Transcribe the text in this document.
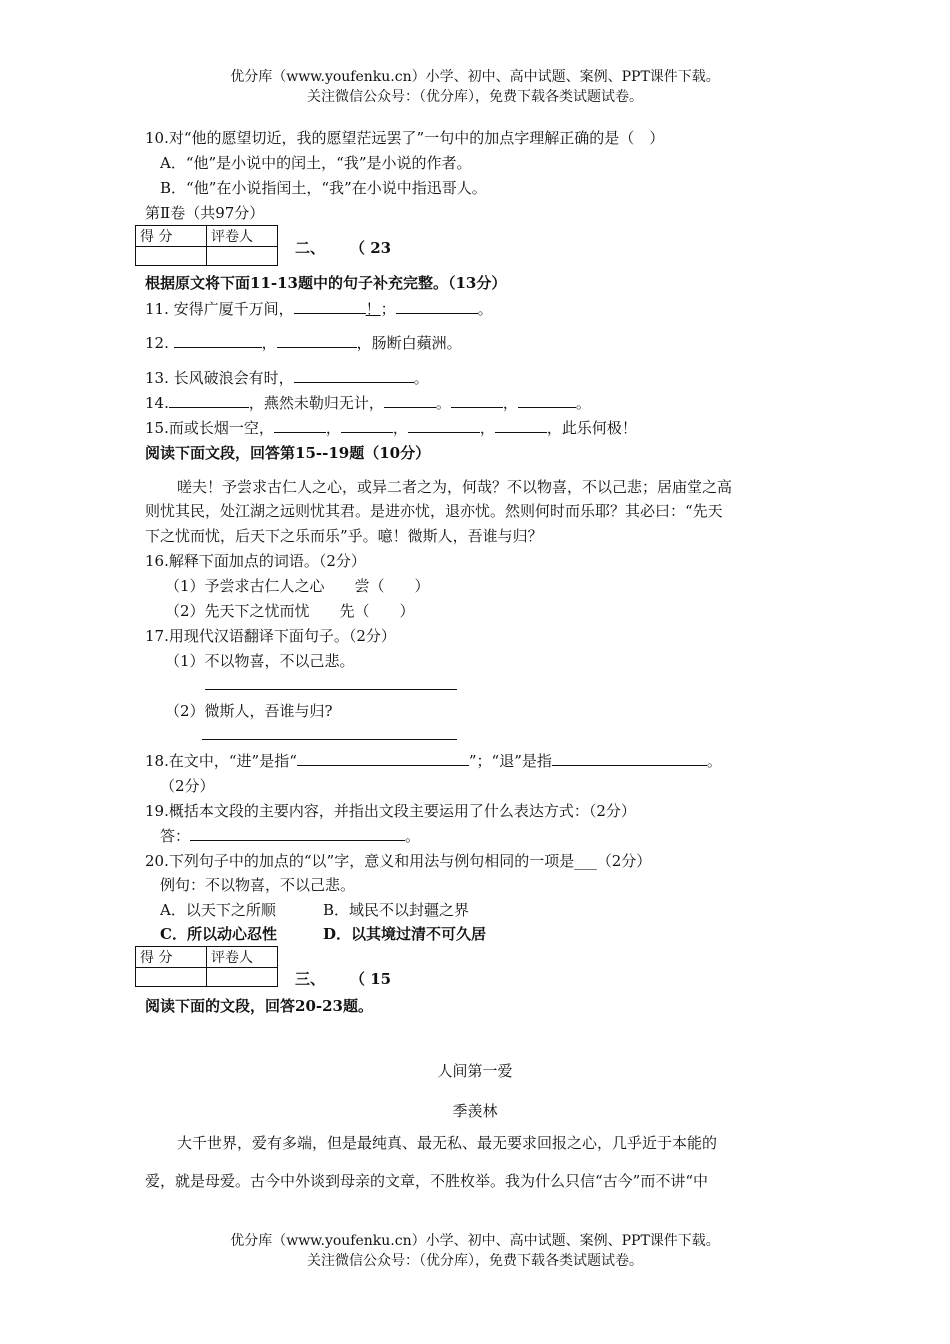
优分库（www.youfenku.cn）小学、初中、高中试题、案例、PPT课件下载。
关注微信公众号：（优分库），免费下载各类试题试卷。
10.对“他的愿望切近，我的愿望茫远罢了”一句中的加点字理解正确的是（　）
A．“他”是小说中的闰土，“我”是小说的作者。
B．“他”在小说指闰土，“我”在小说中指迅哥人。
第Ⅱ卷（共97分）
得 分	评卷人

二、 （ 23
根据原文将下面11-13题中的句子补充完整。（13分）
11. 安得广厦千万间，	！；	。
12.	，	，肠断白蘋洲。
13. 长风破浪会有时，	。
14.	，燕然未勒归无计，	。	，	。
15.而或长烟一空，	，	，	，	，此乐何极！
阅读下面文段，回答第15--19题（10分）
嗟夫！予尝求古仁人之心，或异二者之为，何哉？不以物喜，不以己悲；居庙堂之高
则忧其民，处江湖之远则忧其君。是进亦忧，退亦忧。然则何时而乐耶？其必曰：“先天
下之忧而忧，后天下之乐而乐”乎。噫！微斯人，吾谁与归？
16.解释下面加点的词语。（2分）
（1）予尝求古仁人之心　　尝（　　）
（2）先天下之忧而忧　　先（　　）
17.用现代汉语翻译下面句子。（2分）
（1）不以物喜，不以己悲。
（2）微斯人，吾谁与归?
18.在文中，“进”是指“	”；“退”是指	。
（2分）
19.概括本文段的主要内容，并指出文段主要运用了什么表达方式：（2分）
答：	。
20.下列句子中的加点的“以”字，意义和用法与例句相同的一项是___（2分）
例句：不以物喜，不以己悲。
A．以天下之所顺	B．域民不以封疆之界
C．所以动心忍性	D．以其境过清不可久居
得 分	评卷人

三、 （ 15
阅读下面的文段，回答20-23题。
人间第一爱
季羡林
大千世界，爱有多端，但是最纯真、最无私、最无要求回报之心，几乎近于本能的
爱，就是母爱。古今中外谈到母亲的文章，不胜枚举。我为什么只信“古今”而不讲“中
优分库（www.youfenku.cn）小学、初中、高中试题、案例、PPT课件下载。
关注微信公众号：（优分库），免费下载各类试题试卷。
